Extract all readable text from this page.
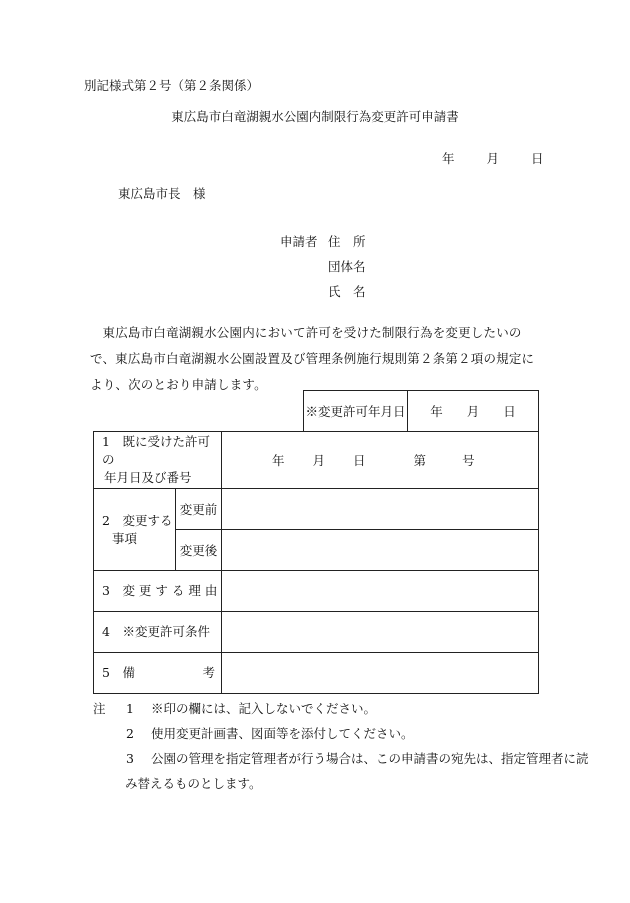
別記様式第２号（第２条関係）
東広島市白竜湖親水公園内制限行為変更許可申請書
年	月	日
東広島市長　様
申請者 住　所
団体名
氏　名
東広島市白竜湖親水公園内において許可を受けた制限行為を変更したいので、東広島市白竜湖親水公園設置及び管理条例施行規則第２条第２項の規定により、次のとおり申請します。
			※変更許可年月日	年 月 日

1　既に受けた許可の
年月日及び番号		年 月 日 第 号		

2　変更する
事項	変更前			
	変更後			
3　変 更 す る 理 由				
4　※変更許可条件				

5　備 考				

注	1	※印の欄には、記入しないでください。
2	使用変更計画書、図面等を添付してください。
3	公園の管理を指定管理者が行う場合は、この申請書の宛先は、指定管理者に読
み替えるものとします。
